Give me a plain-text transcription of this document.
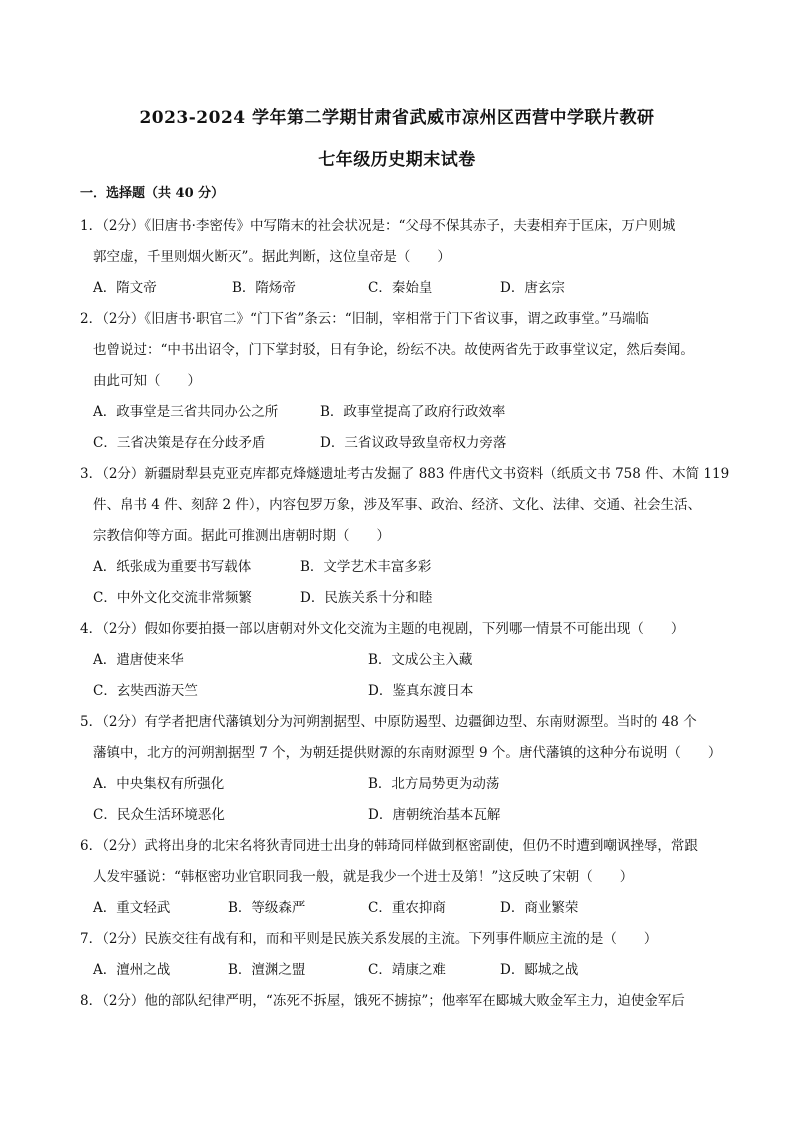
2023-2024 学年第二学期甘肃省武威市凉州区西营中学联片教研
七年级历史期末试卷
一．选择题（共 40 分）
1．（2分）《旧唐书·李密传》中写隋末的社会状况是：“父母不保其赤子，夫妻相弃于匡床，万户则城
郭空虚，千里则烟火断灭”。据此判断，这位皇帝是（　　）
A．隋文帝	B．隋炀帝	C．秦始皇	D．唐玄宗
2．（2分）《旧唐书·职官二》“门下省”条云：“旧制，宰相常于门下省议事，谓之政事堂。”马端临
也曾说过：“中书出诏令，门下掌封驳，日有争论，纷纭不决。故使两省先于政事堂议定，然后奏闻。
由此可知（　　）
A．政事堂是三省共同办公之所	B．政事堂提高了政府行政效率
C．三省决策是存在分歧矛盾	D．三省议政导致皇帝权力旁落
3．（2分）新疆尉犁县克亚克库都克烽燧遗址考古发掘了 883 件唐代文书资料（纸质文书 758 件、木简 119
件、帛书 4 件、刻辞 2 件），内容包罗万象，涉及军事、政治、经济、文化、法律、交通、社会生活、
宗教信仰等方面。据此可推测出唐朝时期（　　）
A．纸张成为重要书写载体	B．文学艺术丰富多彩
C．中外文化交流非常频繁	D．民族关系十分和睦
4．（2分）假如你要拍摄一部以唐朝对外文化交流为主题的电视剧，下列哪一情景不可能出现（　　）
A．遣唐使来华	B．文成公主入藏
C．玄奘西游天竺	D．鉴真东渡日本
5．（2分）有学者把唐代藩镇划分为河朔割据型、中原防遏型、边疆御边型、东南财源型。当时的 48 个
藩镇中，北方的河朔割据型 7 个，为朝廷提供财源的东南财源型 9 个。唐代藩镇的这种分布说明（　　）
A．中央集权有所强化	B．北方局势更为动荡
C．民众生活环境恶化	D．唐朝统治基本瓦解
6．（2分）武将出身的北宋名将狄青同进士出身的韩琦同样做到枢密副使，但仍不时遭到嘲讽挫辱，常跟
人发牢骚说：“韩枢密功业官职同我一般，就是我少一个进士及第！”这反映了宋朝（　　）
A．重文轻武	B．等级森严	C．重农抑商	D．商业繁荣
7．（2分）民族交往有战有和，而和平则是民族关系发展的主流。下列事件顺应主流的是（　　）
A．澶州之战	B．澶渊之盟	C．靖康之难	D．郾城之战
8．（2分）他的部队纪律严明，“冻死不拆屋，饿死不掳掠”；他率军在郾城大败金军主力，迫使金军后
